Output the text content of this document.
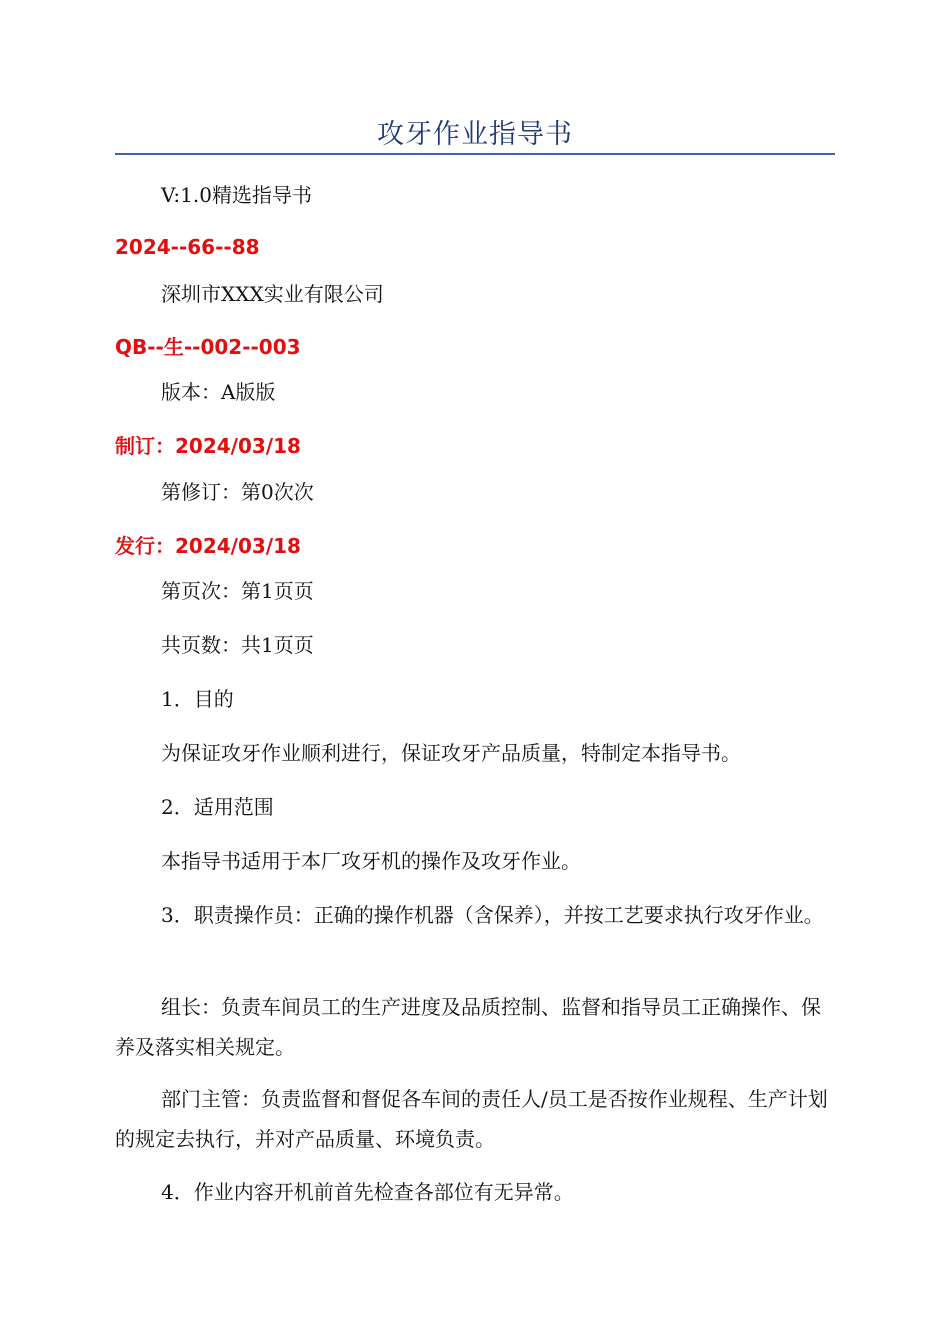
攻牙作业指导书
V:1.0精选指导书
2024--66--88
深圳市XXX实业有限公司
QB--生--002--003
版本：A版版
制订：2024/03/18
第修订：第0次次
发行：2024/03/18
第页次：第1页页
共页数：共1页页
1．目的
为保证攻牙作业顺利进行，保证攻牙产品质量，特制定本指导书。
2．适用范围
本指导书适用于本厂攻牙机的操作及攻牙作业。
3．职责操作员：正确的操作机器（含保养），并按工艺要求执行攻牙作业。
组长：负责车间员工的生产进度及品质控制、监督和指导员工正确操作、保养及落实相关规定。
部门主管：负责监督和督促各车间的责任人/员工是否按作业规程、生产计划的规定去执行，并对产品质量、环境负责。
4．作业内容开机前首先检查各部位有无异常。
